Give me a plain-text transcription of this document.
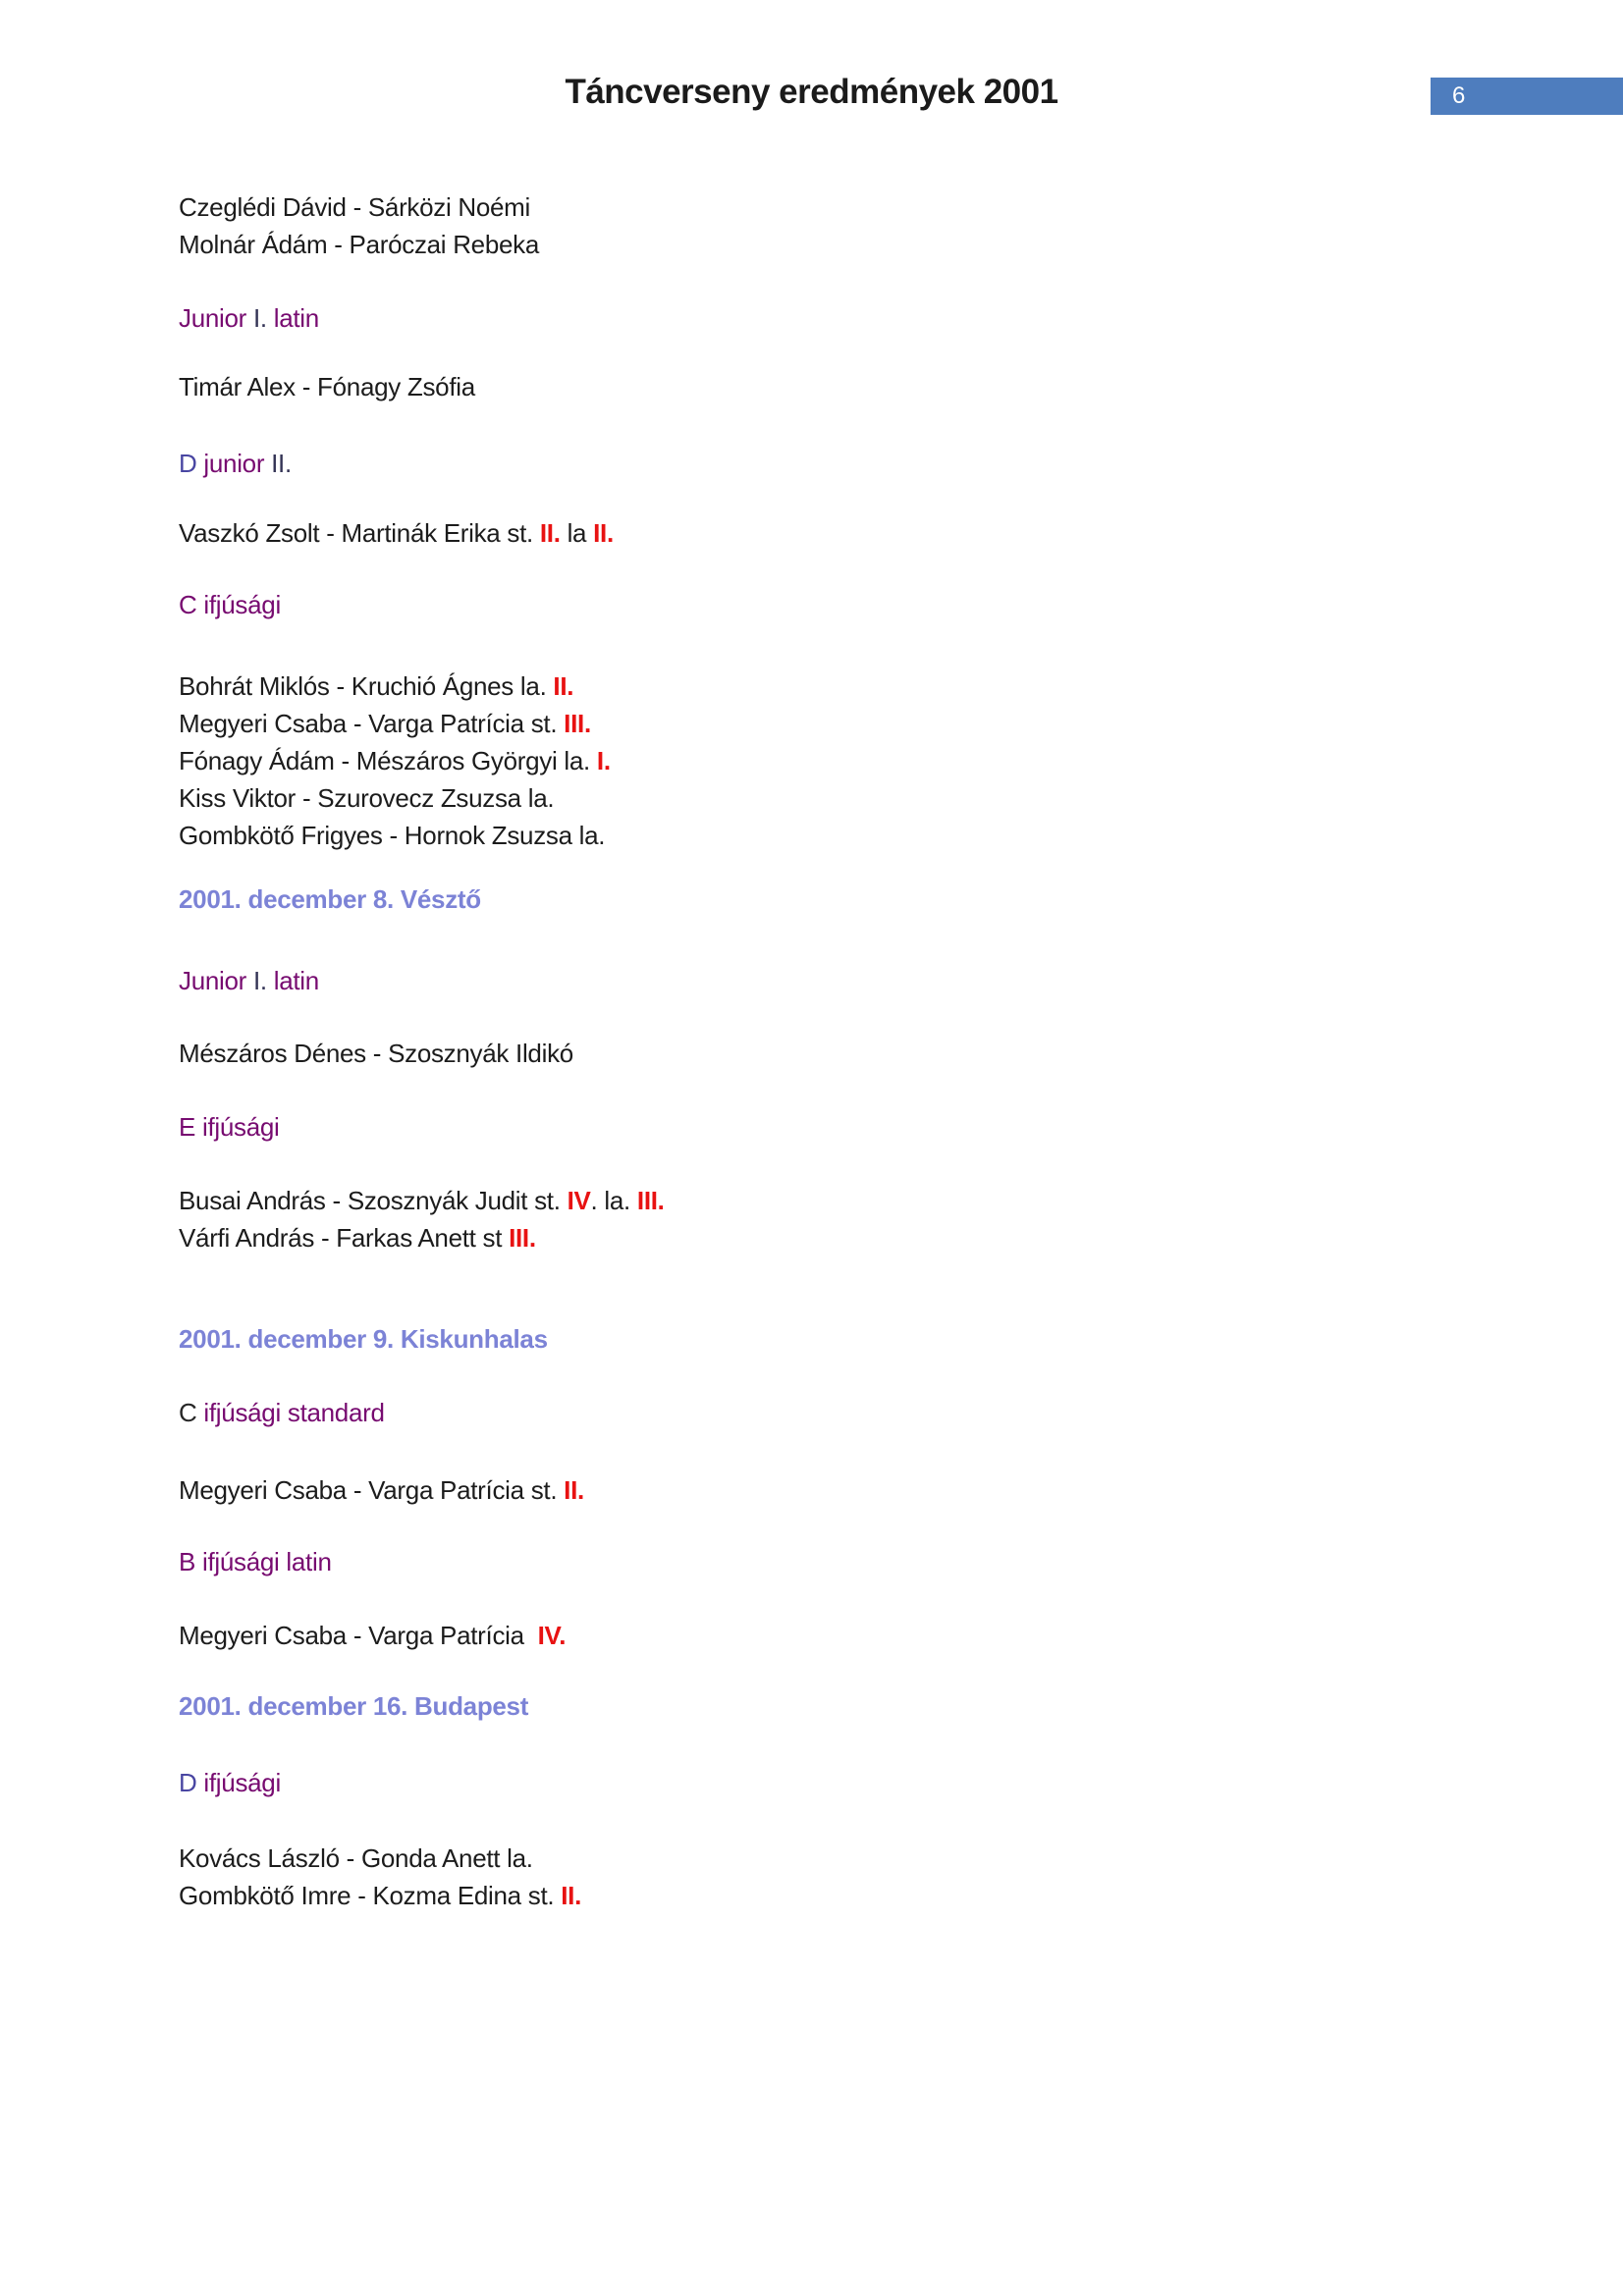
Táncverseny eredmények 2001	6
Czeglédi Dávid - Sárközi Noémi
Molnár Ádám - Paróczai Rebeka
Junior I. latin
Timár Alex - Fónagy Zsófia
D junior II.
Vaszkó Zsolt - Martinák Erika st. II. la II.
C ifjúsági
Bohrát Miklós - Kruchió Ágnes la. II.
Megyeri Csaba - Varga Patrícia st. III.
Fónagy Ádám - Mészáros Györgyi la. I.
Kiss Viktor - Szurovecz Zsuzsa la.
Gombkötő Frigyes - Hornok Zsuzsa la.
2001. december 8. Vésztő
Junior I. latin
Mészáros Dénes - Szosznyák Ildikó
E ifjúsági
Busai András - Szosznyák Judit st. IV. la. III.
Várfi András - Farkas Anett st III.
2001. december 9. Kiskunhalas
C ifjúsági standard
Megyeri Csaba - Varga Patrícia st. II.
B ifjúsági latin
Megyeri Csaba - Varga Patrícia  IV.
2001. december 16. Budapest
D ifjúsági
Kovács László - Gonda Anett la.
Gombkötő Imre - Kozma Edina st. II.
